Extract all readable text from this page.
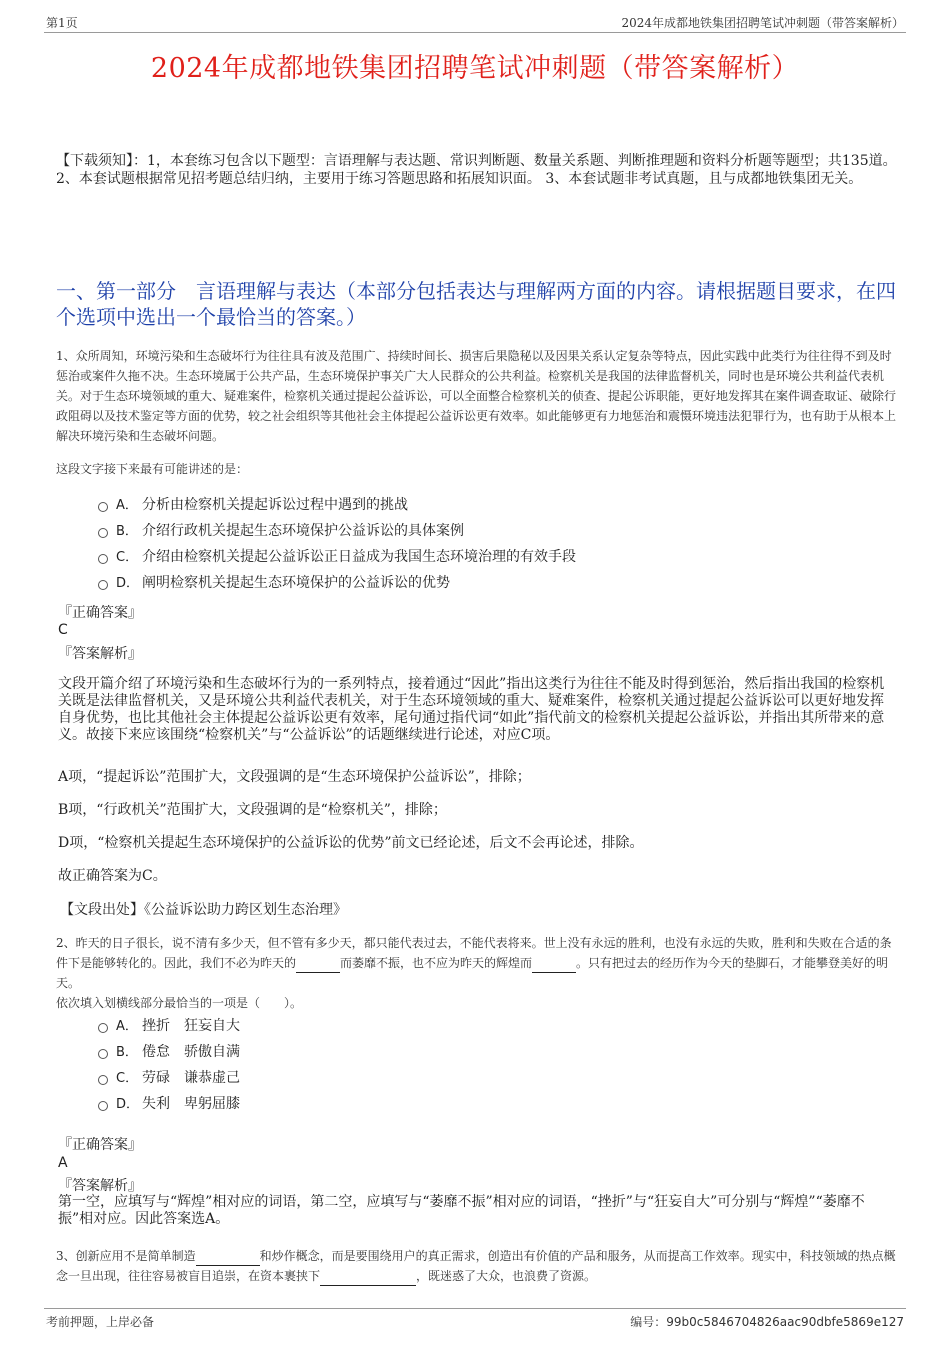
第1页	2024年成都地铁集团招聘笔试冲刺题（带答案解析）
2024年成都地铁集团招聘笔试冲刺题（带答案解析）
【下载须知】：1，本套练习包含以下题型：言语理解与表达题、常识判断题、数量关系题、判断推理题和资料分析题等题型；共135道。 2、本套试题根据常见招考题总结归纳，主要用于练习答题思路和拓展知识面。 3、本套试题非考试真题，且与成都地铁集团无关。
一、第一部分　言语理解与表达（本部分包括表达与理解两方面的内容。请根据题目要求，在四个选项中选出一个最恰当的答案。）
1、众所周知，环境污染和生态破坏行为往往具有波及范围广、持续时间长、损害后果隐秘以及因果关系认定复杂等特点，因此实践中此类行为往往得不到及时惩治或案件久拖不决。生态环境属于公共产品，生态环境保护事关广大人民群众的公共利益。检察机关是我国的法律监督机关，同时也是环境公共利益代表机关。对于生态环境领域的重大、疑难案件，检察机关通过提起公益诉讼，可以全面整合检察机关的侦查、提起公诉职能，更好地发挥其在案件调查取证、破除行政阻碍以及技术鉴定等方面的优势，较之社会组织等其他社会主体提起公益诉讼更有效率。如此能够更有力地惩治和震慑环境违法犯罪行为，也有助于从根本上解决环境污染和生态破坏问题。
这段文字接下来最有可能讲述的是：
A． 分析由检察机关提起诉讼过程中遇到的挑战
B． 介绍行政机关提起生态环境保护公益诉讼的具体案例
C． 介绍由检察机关提起公益诉讼正日益成为我国生态环境治理的有效手段
D． 阐明检察机关提起生态环境保护的公益诉讼的优势
『正确答案』
C
『答案解析』
文段开篇介绍了环境污染和生态破坏行为的一系列特点，接着通过“因此”指出这类行为往往不能及时得到惩治，然后指出我国的检察机关既是法律监督机关，又是环境公共利益代表机关，对于生态环境领域的重大、疑难案件，检察机关通过提起公益诉讼可以更好地发挥自身优势，也比其他社会主体提起公益诉讼更有效率，尾句通过指代词“如此”指代前文的检察机关提起公益诉讼，并指出其所带来的意义。故接下来应该围绕“检察机关”与“公益诉讼”的话题继续进行论述，对应C项。
A项，“提起诉讼”范围扩大，文段强调的是“生态环境保护公益诉讼”，排除；
B项，“行政机关”范围扩大，文段强调的是“检察机关”，排除；
D项，“检察机关提起生态环境保护的公益诉讼的优势”前文已经论述，后文不会再论述，排除。
故正确答案为C。
【文段出处】《公益诉讼助力跨区划生态治理》
2、昨天的日子很长，说不清有多少天，但不管有多少天，都只能代表过去，不能代表将来。世上没有永远的胜利，也没有永远的失败，胜利和失败在合适的条件下是能够转化的。因此，我们不必为昨天的	而萎靡不振，也不应为昨天的辉煌而	。只有把过去的经历作为今天的垫脚石，才能攀登美好的明天。
依次填入划横线部分最恰当的一项是（　　）。
A． 挫折 狂妄自大
B． 倦怠 骄傲自满
C． 劳碌 谦恭虚己
D． 失利 卑躬屈膝
『正确答案』
A
『答案解析』
第一空，应填写与“辉煌”相对应的词语，第二空，应填写与“萎靡不振”相对应的词语，“挫折”与“狂妄自大”可分别与“辉煌”“萎靡不振”相对应。因此答案选A。
3、创新应用不是简单制造	和炒作概念，而是要围绕用户的真正需求，创造出有价值的产品和服务，从而提高工作效率。现实中，科技领域的热点概念一旦出现，往往容易被盲目追崇，在资本裹挟下	，既迷惑了大众，也浪费了资源。
考前押题，上岸必备	编号：99b0c5846704826aac90dbfe5869e127
